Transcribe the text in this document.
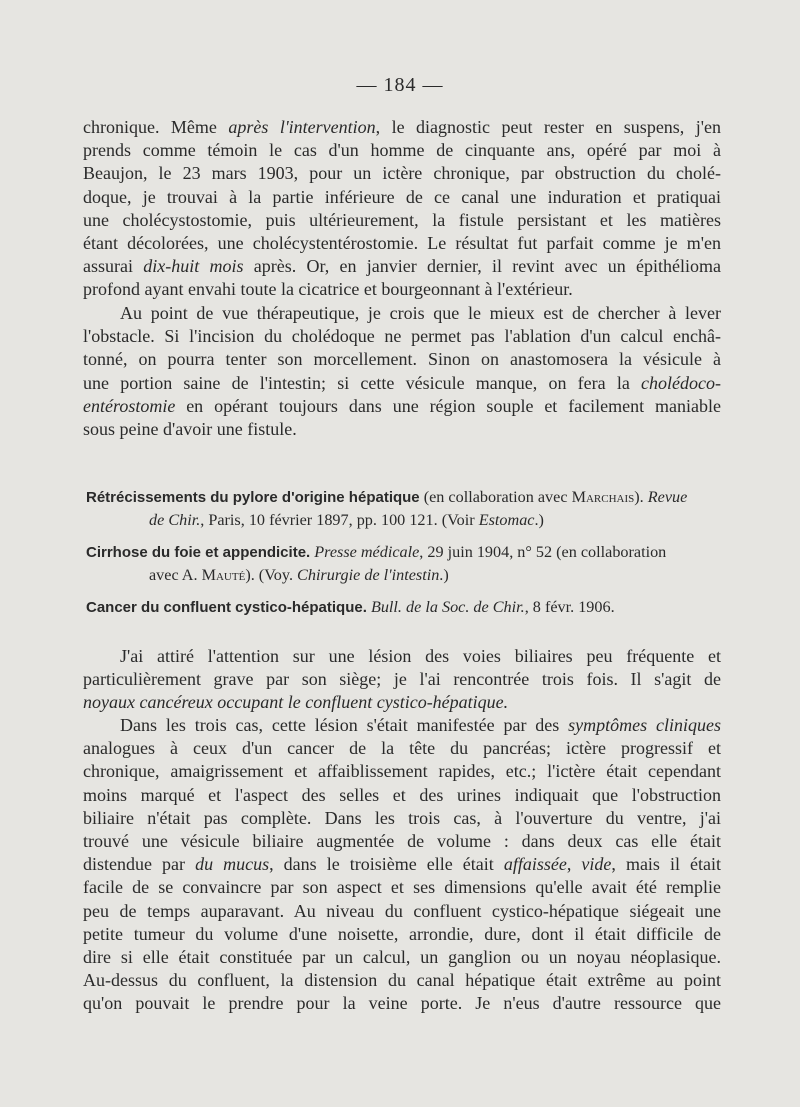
— 184 —
chronique. Même après l'intervention, le diagnostic peut rester en suspens, j'en
prends comme témoin le cas d'un homme de cinquante ans, opéré par moi à
Beaujon, le 23 mars 1903, pour un ictère chronique, par obstruction du cholé-
doque, je trouvai à la partie inférieure de ce canal une induration et pratiquai
une cholécystostomie, puis ultérieurement, la fistule persistant et les matières
étant décolorées, une cholécystentérostomie. Le résultat fut parfait comme je m'en
assurai dix-huit mois après. Or, en janvier dernier, il revint avec un épithélioma
profond ayant envahi toute la cicatrice et bourgeonnant à l'extérieur.
Au point de vue thérapeutique, je crois que le mieux est de chercher à lever
l'obstacle. Si l'incision du cholédoque ne permet pas l'ablation d'un calcul enchâ-
tonné, on pourra tenter son morcellement. Sinon on anastomosera la vésicule à
une portion saine de l'intestin; si cette vésicule manque, on fera la cholédoco-
entérostomie en opérant toujours dans une région souple et facilement maniable
sous peine d'avoir une fistule.
Rétrécissements du pylore d'origine hépatique (en collaboration avec Marchais). Revue
de Chir., Paris, 10 février 1897, pp. 100 121. (Voir Estomac.)
Cirrhose du foie et appendicite. Presse médicale, 29 juin 1904, n° 52 (en collaboration
avec A. Mauté). (Voy. Chirurgie de l'intestin.)
Cancer du confluent cystico-hépatique. Bull. de la Soc. de Chir., 8 févr. 1906.
J'ai attiré l'attention sur une lésion des voies biliaires peu fréquente et
particulièrement grave par son siège; je l'ai rencontrée trois fois. Il s'agit de
noyaux cancéreux occupant le confluent cystico-hépatique.
Dans les trois cas, cette lésion s'était manifestée par des symptômes cliniques
analogues à ceux d'un cancer de la tête du pancréas; ictère progressif et
chronique, amaigrissement et affaiblissement rapides, etc.; l'ictère était cependant
moins marqué et l'aspect des selles et des urines indiquait que l'obstruction
biliaire n'était pas complète. Dans les trois cas, à l'ouverture du ventre, j'ai
trouvé une vésicule biliaire augmentée de volume : dans deux cas elle était
distendue par du mucus, dans le troisième elle était affaissée, vide, mais il était
facile de se convaincre par son aspect et ses dimensions qu'elle avait été remplie
peu de temps auparavant. Au niveau du confluent cystico-hépatique siégeait une
petite tumeur du volume d'une noisette, arrondie, dure, dont il était difficile de
dire si elle était constituée par un calcul, un ganglion ou un noyau néoplasique.
Au-dessus du confluent, la distension du canal hépatique était extrême au point
qu'on pouvait le prendre pour la veine porte. Je n'eus d'autre ressource que
